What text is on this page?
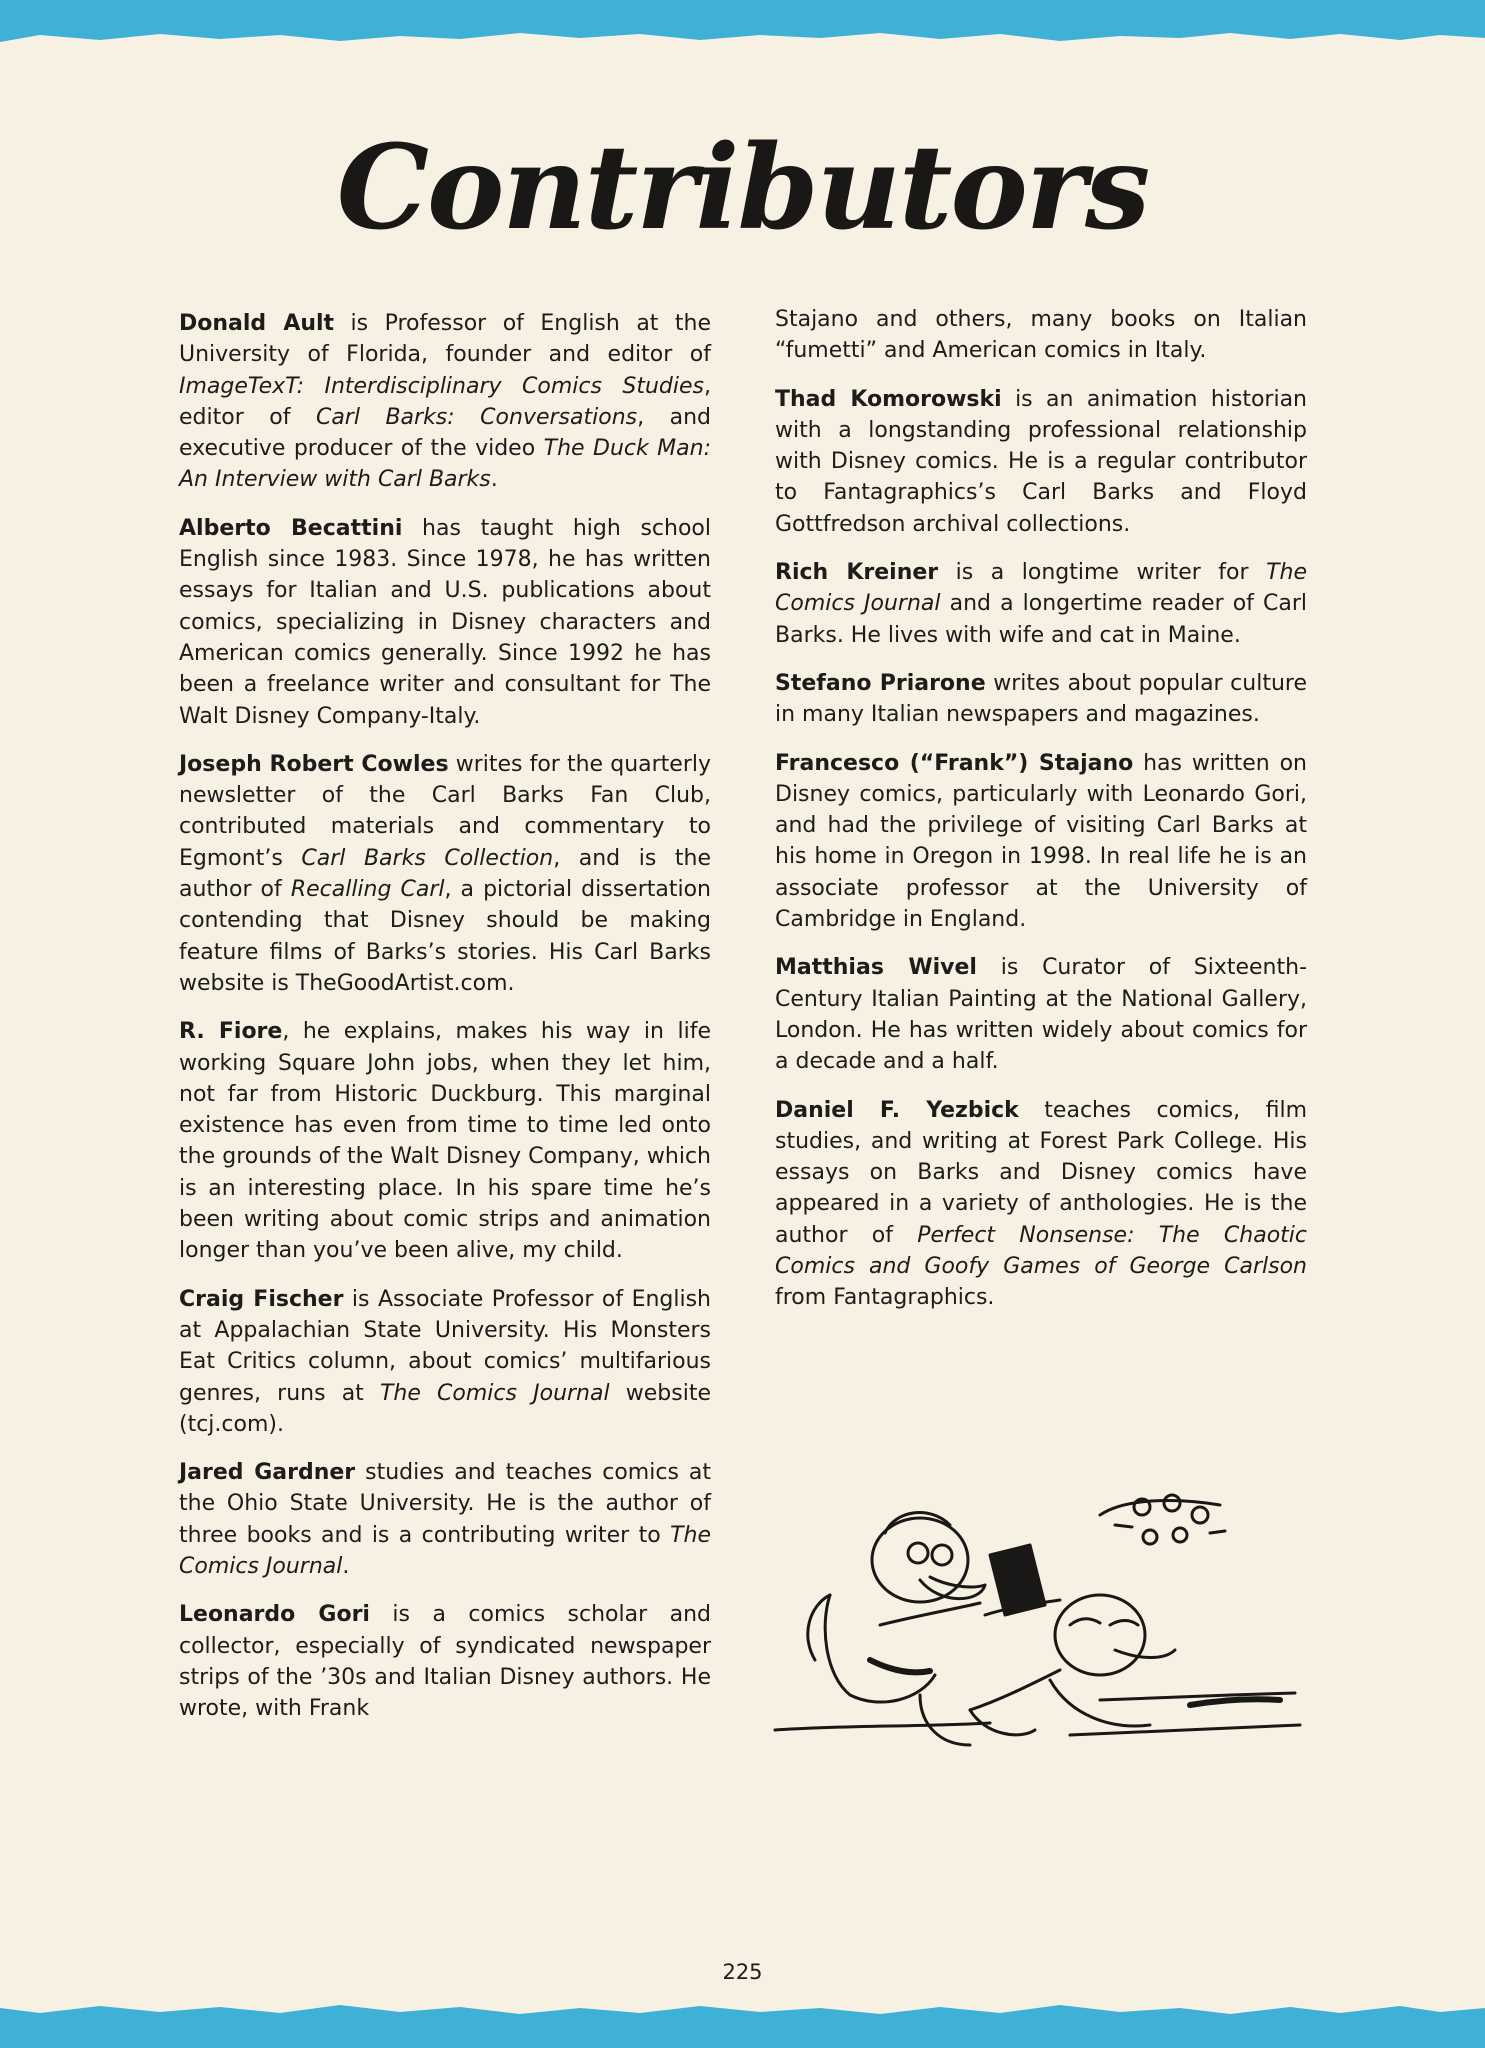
Contributors

Donald Ault is Professor of English at the University of Florida, founder and editor of ImageTexT: Interdisciplinary Comics Studies, editor of Carl Barks: Conversations, and executive producer of the video The Duck Man: An Interview with Carl Barks.

Alberto Becattini has taught high school English since 1983. Since 1978, he has written essays for Italian and U.S. publications about comics, specializing in Disney characters and American comics generally. Since 1992 he has been a freelance writer and consultant for The Walt Disney Company-Italy.

Joseph Robert Cowles writes for the quarterly newsletter of the Carl Barks Fan Club, contributed materials and commentary to Egmont’s Carl Barks Collection, and is the author of Recalling Carl, a pictorial dissertation contending that Disney should be making feature films of Barks’s stories. His Carl Barks website is TheGoodArtist.com.

R. Fiore, he explains, makes his way in life working Square John jobs, when they let him, not far from Historic Duckburg. This marginal existence has even from time to time led onto the grounds of the Walt Disney Company, which is an interesting place. In his spare time he’s been writing about comic strips and animation longer than you’ve been alive, my child.

Craig Fischer is Associate Professor of English at Appalachian State University. His Monsters Eat Critics column, about comics’ multifarious genres, runs at The Comics Journal website (tcj.com).

Jared Gardner studies and teaches comics at the Ohio State University. He is the author of three books and is a contributing writer to The Comics Journal.

Leonardo Gori is a comics scholar and collector, especially of syndicated newspaper strips of the ’30s and Italian Disney authors. He wrote, with Frank

Stajano and others, many books on Italian “fumetti” and American comics in Italy.

Thad Komorowski is an animation historian with a longstanding professional relationship with Disney comics. He is a regular contributor to Fantagraphics’s Carl Barks and Floyd Gottfredson archival collections.

Rich Kreiner is a longtime writer for The Comics Journal and a longertime reader of Carl Barks. He lives with wife and cat in Maine.

Stefano Priarone writes about popular culture in many Italian newspapers and magazines.

Francesco (“Frank”) Stajano has written on Disney comics, particularly with Leonardo Gori, and had the privilege of visiting Carl Barks at his home in Oregon in 1998. In real life he is an associate professor at the University of Cambridge in England.

Matthias Wivel is Curator of Sixteenth-Century Italian Painting at the National Gallery, London. He has written widely about comics for a decade and a half.

Daniel F. Yezbick teaches comics, film studies, and writing at Forest Park College. His essays on Barks and Disney comics have appeared in a variety of anthologies. He is the author of Perfect Nonsense: The Chaotic Comics and Goofy Games of George Carlson from Fantagraphics.

225
